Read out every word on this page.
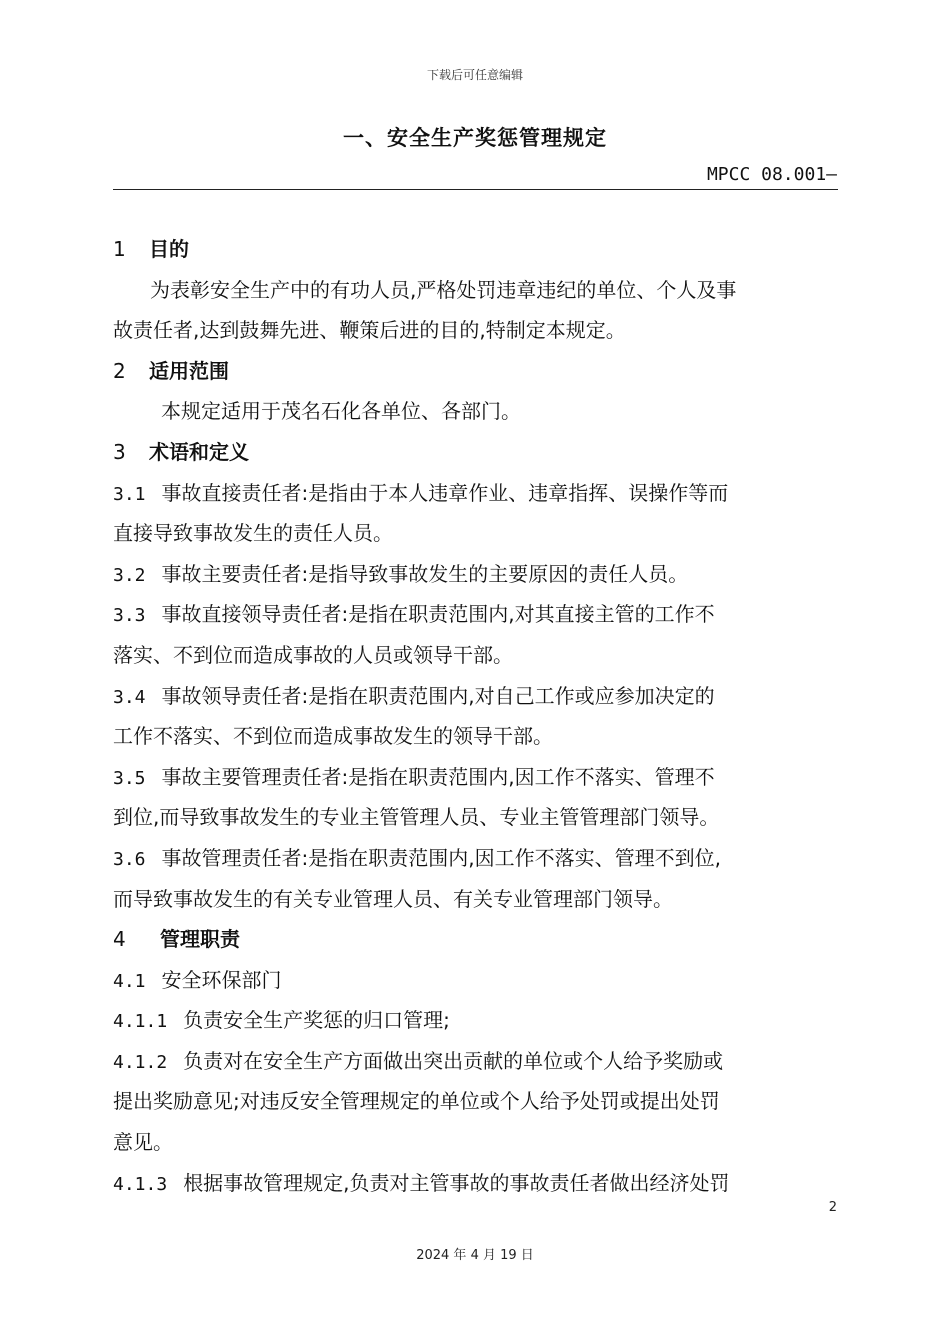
下载后可任意编辑
一、安全生产奖惩管理规定
MPCC 08.001—
1 目的
为表彰安全生产中的有功人员,严格处罚违章违纪的单位、个人及事
故责任者,达到鼓舞先进、鞭策后进的目的,特制定本规定。
2 适用范围
本规定适用于茂名石化各单位、各部门。
3 术语和定义
3.1 事故直接责任者:是指由于本人违章作业、违章指挥、误操作等而
直接导致事故发生的责任人员。
3.2 事故主要责任者:是指导致事故发生的主要原因的责任人员。
3.3 事故直接领导责任者:是指在职责范围内,对其直接主管的工作不
落实、不到位而造成事故的人员或领导干部。
3.4 事故领导责任者:是指在职责范围内,对自己工作或应参加决定的
工作不落实、不到位而造成事故发生的领导干部。
3.5 事故主要管理责任者:是指在职责范围内,因工作不落实、管理不
到位,而导致事故发生的专业主管管理人员、专业主管管理部门领导。
3.6 事故管理责任者:是指在职责范围内,因工作不落实、管理不到位,
而导致事故发生的有关专业管理人员、有关专业管理部门领导。
4 管理职责
4.1 安全环保部门
4.1.1 负责安全生产奖惩的归口管理;
4.1.2 负责对在安全生产方面做出突出贡献的单位或个人给予奖励或
提出奖励意见;对违反安全管理规定的单位或个人给予处罚或提出处罚
意见。
4.1.3 根据事故管理规定,负责对主管事故的事故责任者做出经济处罚
2
2024 年 4 月 19 日
